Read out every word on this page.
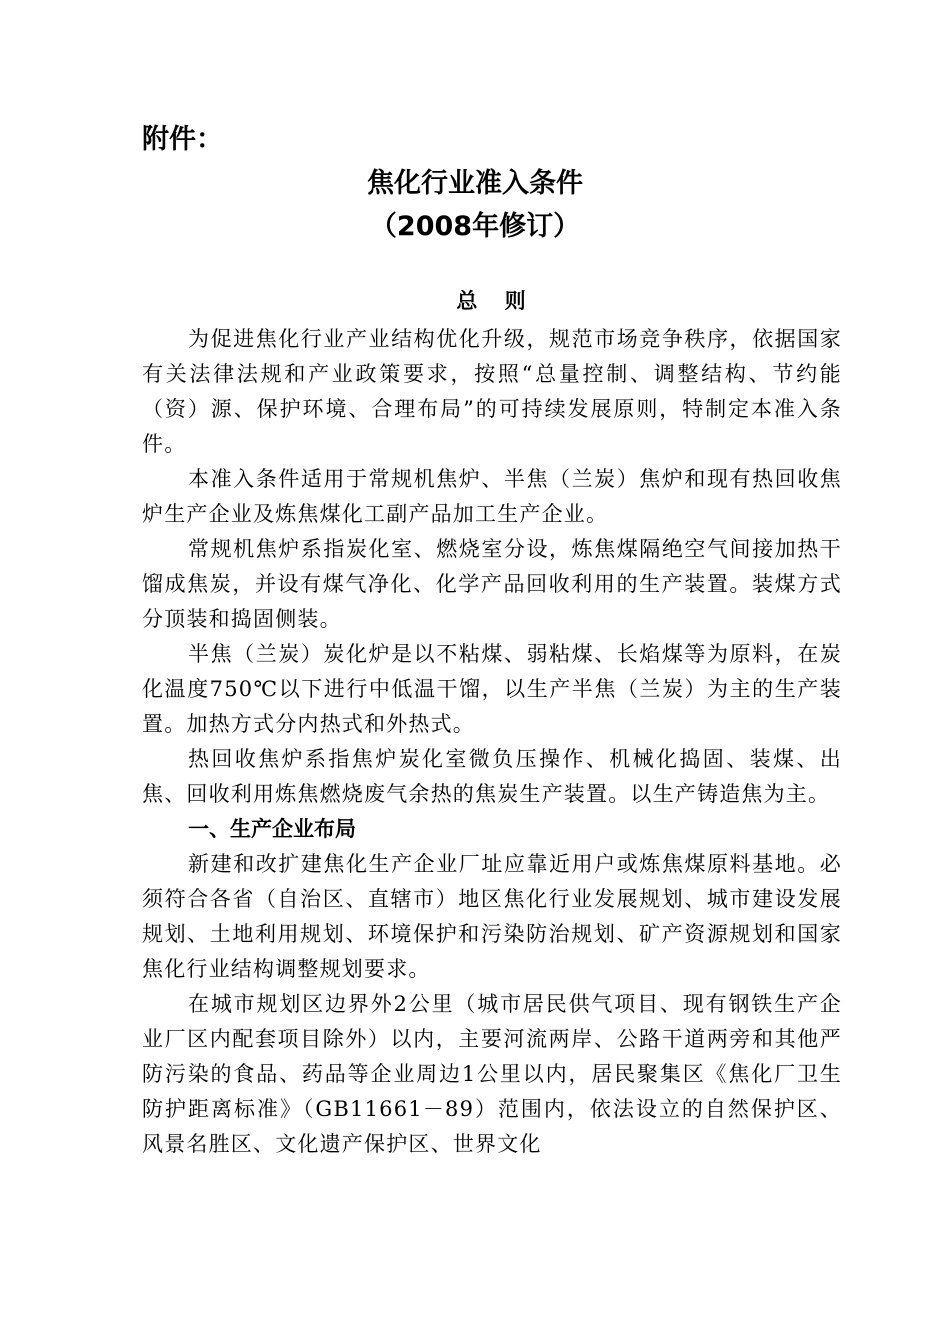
附件：

焦化行业准入条件
（2008年修订）
总 则

为促进焦化行业产业结构优化升级，规范市场竞争秩序，依据国家有关法律法规和产业政策要求，按照“总量控制、调整结构、节约能（资）源、保护环境、合理布局”的可持续发展原则，特制定本准入条件。

本准入条件适用于常规机焦炉、半焦（兰炭）焦炉和现有热回收焦炉生产企业及炼焦煤化工副产品加工生产企业。

常规机焦炉系指炭化室、燃烧室分设，炼焦煤隔绝空气间接加热干馏成焦炭，并设有煤气净化、化学产品回收利用的生产装置。装煤方式分顶装和捣固侧装。

半焦（兰炭）炭化炉是以不粘煤、弱粘煤、长焰煤等为原料，在炭化温度750℃以下进行中低温干馏，以生产半焦（兰炭）为主的生产装置。加热方式分内热式和外热式。

热回收焦炉系指焦炉炭化室微负压操作、机械化捣固、装煤、出焦、回收利用炼焦燃烧废气余热的焦炭生产装置。以生产铸造焦为主。

一、生产企业布局

新建和改扩建焦化生产企业厂址应靠近用户或炼焦煤原料基地。必须符合各省（自治区、直辖市）地区焦化行业发展规划、城市建设发展规划、土地利用规划、环境保护和污染防治规划、矿产资源规划和国家焦化行业结构调整规划要求。

在城市规划区边界外2公里（城市居民供气项目、现有钢铁生产企业厂区内配套项目除外）以内，主要河流两岸、公路干道两旁和其他严防污染的食品、药品等企业周边1公里以内，居民聚集区《焦化厂卫生防护距离标准》（GB11661－89）范围内，依法设立的自然保护区、风景名胜区、文化遗产保护区、世界文化
